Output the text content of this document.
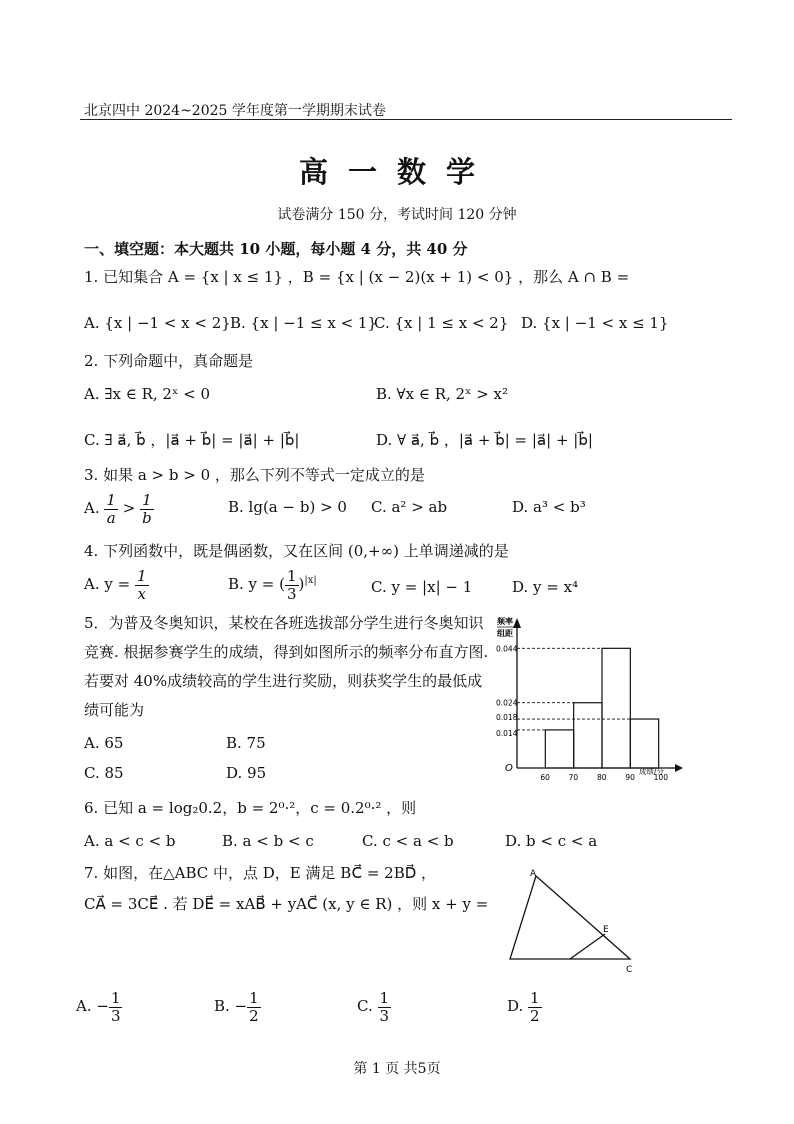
北京四中 2024~2025 学年度第一学期期末试卷
高一数学
试卷满分 150 分，考试时间 120 分钟
一、填空题：本大题共 10 小题，每小题 4 分，共 40 分
1. 已知集合 A = {x | x ≤ 1} ，B = {x | (x − 2)(x + 1) < 0} ，那么 A ∩ B =
A. {x | −1 < x < 2} B. {x | −1 ≤ x < 1}
C. {x | 1 ≤ x < 2} D. {x | −1 < x ≤ 1}
2. 下列命题中，真命题是
A. ∃x ∈ R, 2ˣ < 0	B. ∀x ∈ R, 2ˣ > x²
C. ∃ a⃗, b⃗ ，|a⃗ + b⃗| = |a⃗| + |b⃗|	D. ∀ a⃗, b⃗ ，|a⃗ + b⃗| = |a⃗| + |b⃗|
3. 如果 a > b > 0 ，那么下列不等式一定成立的是
A. $\frac{1}{a} > \frac{1}{b}$	B. lg(a − b) > 0 C. a² > ab	D. a³ < b³
4. 下列函数中，既是偶函数，又在区间 (0,+∞) 上单调递减的是
A. $y = \frac{1}{x}$	B. y = ( $\frac{1}{3} )^{|x|}$	C. y = |x| − 1	D. y = x⁴
5．为普及冬奥知识，某校在各班选拔部分学生进行冬奥知识
竞赛. 根据参赛学生的成绩，得到如图所示的频率分布直方图.
若要对 40%成绩较高的学生进行奖励，则获奖学生的最低成
绩可能为
A. 65	B. 75
C. 85	D. 95
频率
组距
O	成绩/分
0.014
0.018
0.024
0.044
60	70	80	90	100
6. 已知 a = log₂0.2，b = 2⁰·²，c = 0.2⁰·² ，则
A. a < c < b	B. a < b < c	C. c < a < b	D. b < c < a
7. 如图，在△ABC 中，点 D，E 满足 BC⃗ = 2BD⃗ ，
CA⃗ = 3CE⃗ . 若 DE⃗ = xAB⃗ + yAC⃗ (x, y ∈ R) ，则 x + y =
A
E
C
A. − $\frac{1}{3}$	B. − $\frac{1}{2}$	C. $\frac{1}{3}$	D. $\frac{1}{2}$
第 1 页 共5页
